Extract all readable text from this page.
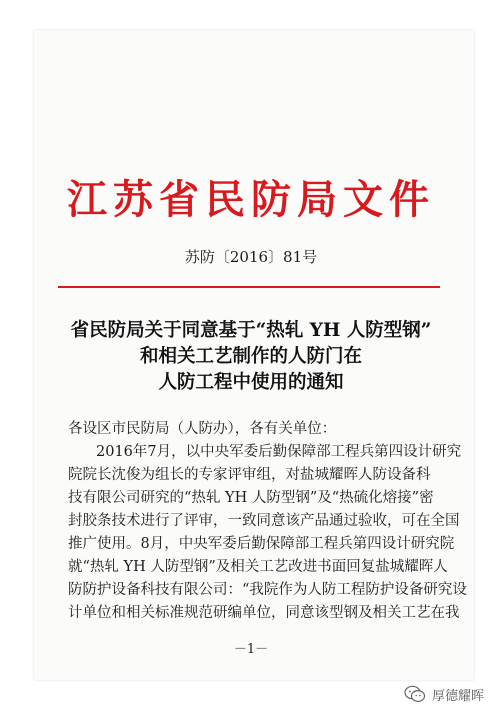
江苏省民防局文件
苏防〔2016〕81号
省民防局关于同意基于“热轧 YH 人防型钢”
和相关工艺制作的人防门在
人防工程中使用的通知
各设区市民防局（人防办），各有关单位：
2016年7月，以中央军委后勤保障部工程兵第四设计研究
院院长沈俊为组长的专家评审组，对盐城耀晖人防设备科
技有限公司研究的“热轧 YH 人防型钢”及“热硫化熔接”密
封胶条技术进行了评审，一致同意该产品通过验收，可在全国
推广使用。8月，中央军委后勤保障部工程兵第四设计研究院
就“热轧 YH 人防型钢”及相关工艺改进书面回复盐城耀晖人
防防护设备科技有限公司：“我院作为人防工程防护设备研究设
计单位和相关标准规范研编单位，同意该型钢及相关工艺在我
－1－
厚德耀晖
